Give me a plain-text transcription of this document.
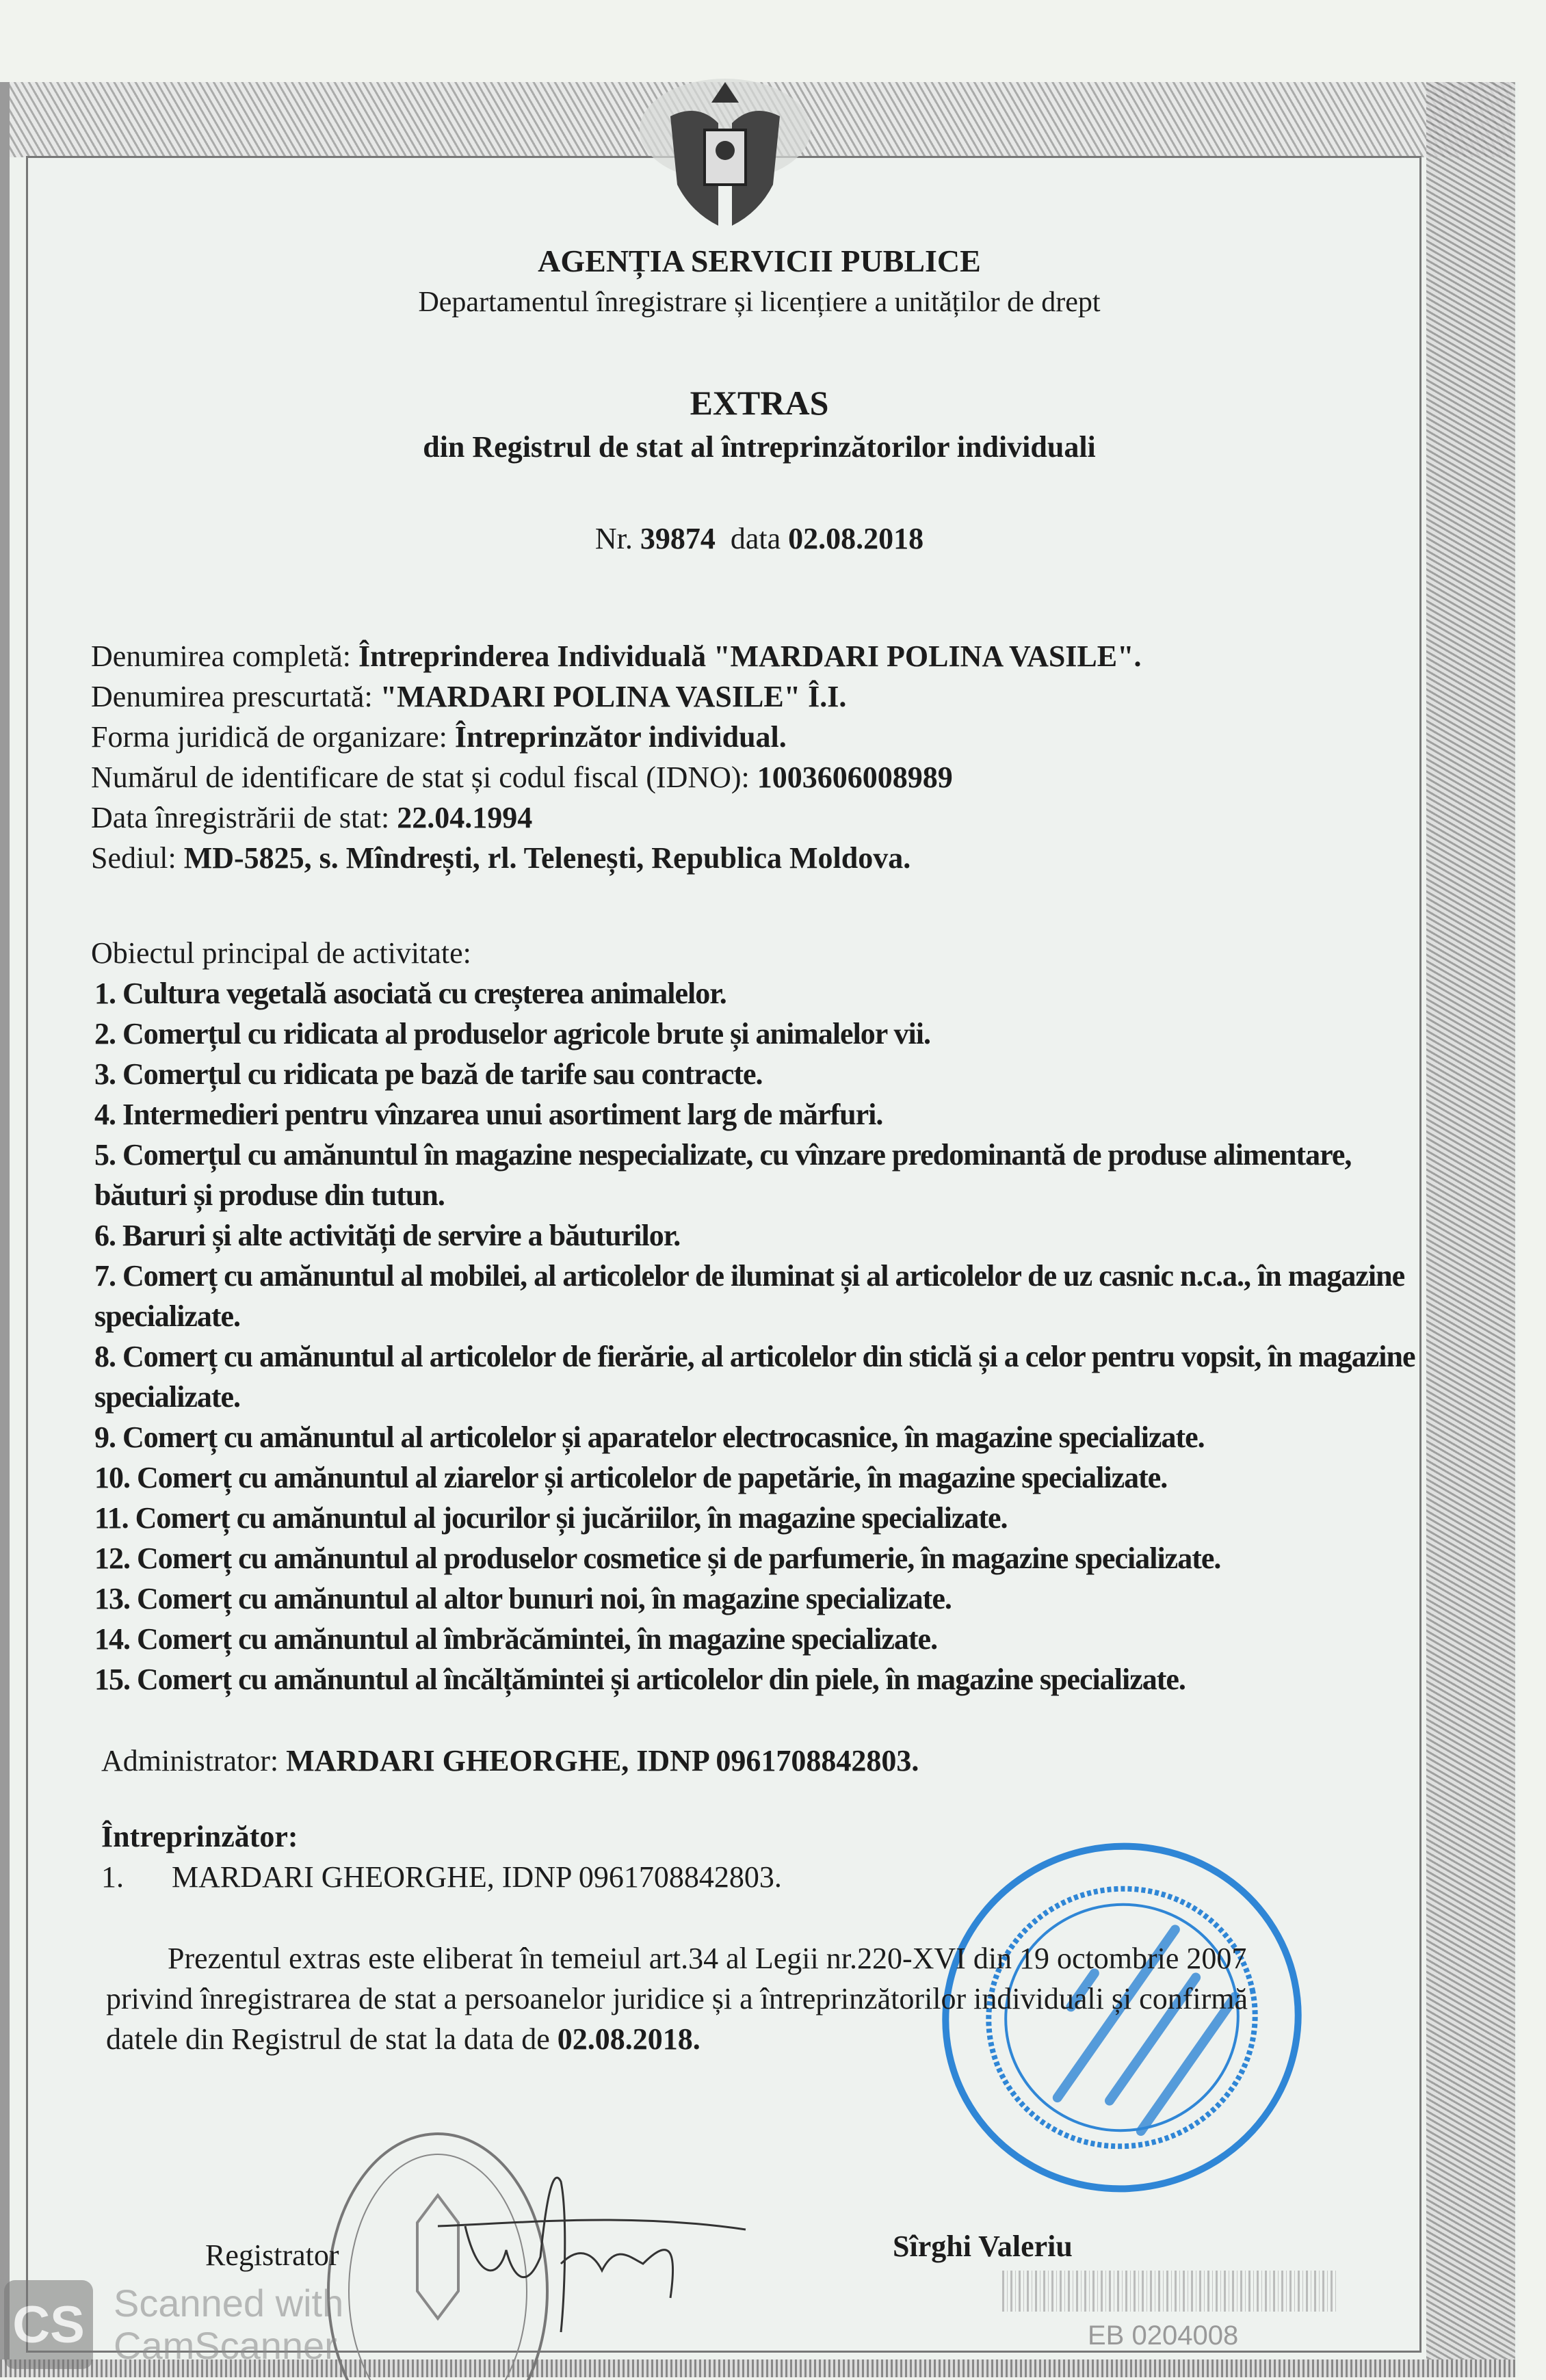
AGENȚIA SERVICII PUBLICE
Departamentul înregistrare și licențiere a unităților de drept
EXTRAS
din Registrul de stat al întreprinzătorilor individuali
Nr. 39874 data 02.08.2018
Denumirea completă: Întreprinderea Individuală "MARDARI POLINA VASILE".
Denumirea prescurtată: "MARDARI POLINA VASILE" Î.I.
Forma juridică de organizare: Întreprinzător individual.
Numărul de identificare de stat și codul fiscal (IDNO): 1003606008989
Data înregistrării de stat: 22.04.1994
Sediul: MD-5825, s. Mîndrești, rl. Telenești, Republica Moldova.
Obiectul principal de activitate:
1. Cultura vegetală asociată cu creșterea animalelor.
2. Comerțul cu ridicata al produselor agricole brute și animalelor vii.
3. Comerțul cu ridicata pe bază de tarife sau contracte.
4. Intermedieri pentru vînzarea unui asortiment larg de mărfuri.
5. Comerțul cu amănuntul în magazine nespecializate, cu vînzare predominantă de produse alimentare, băuturi și produse din tutun.
6. Baruri și alte activități de servire a băuturilor.
7. Comerț cu amănuntul al mobilei, al articolelor de iluminat și al articolelor de uz casnic n.c.a., în magazine specializate.
8. Comerț cu amănuntul al articolelor de fierărie, al articolelor din sticlă și a celor pentru vopsit, în magazine specializate.
9. Comerț cu amănuntul al articolelor și aparatelor electrocasnice, în magazine specializate.
10. Comerț cu amănuntul al ziarelor și articolelor de papetărie, în magazine specializate.
11. Comerț cu amănuntul al jocurilor și jucăriilor, în magazine specializate.
12. Comerț cu amănuntul al produselor cosmetice și de parfumerie, în magazine specializate.
13. Comerț cu amănuntul al altor bunuri noi, în magazine specializate.
14. Comerț cu amănuntul al îmbrăcămintei, în magazine specializate.
15. Comerț cu amănuntul al încălțămintei și articolelor din piele, în magazine specializate.
Administrator: MARDARI GHEORGHE, IDNP 0961708842803.
Întreprinzător:
1. MARDARI GHEORGHE, IDNP 0961708842803.
Prezentul extras este eliberat în temeiul art.34 al Legii nr.220-XVI din 19 octombrie 2007
privind înregistrarea de stat a persoanelor juridice și a întreprinzătorilor individuali și confirmă
datele din Registrul de stat la data de 02.08.2018.
Registrator	Sîrghi Valeriu
EB 0204008
CS Scanned with
CamScanner
